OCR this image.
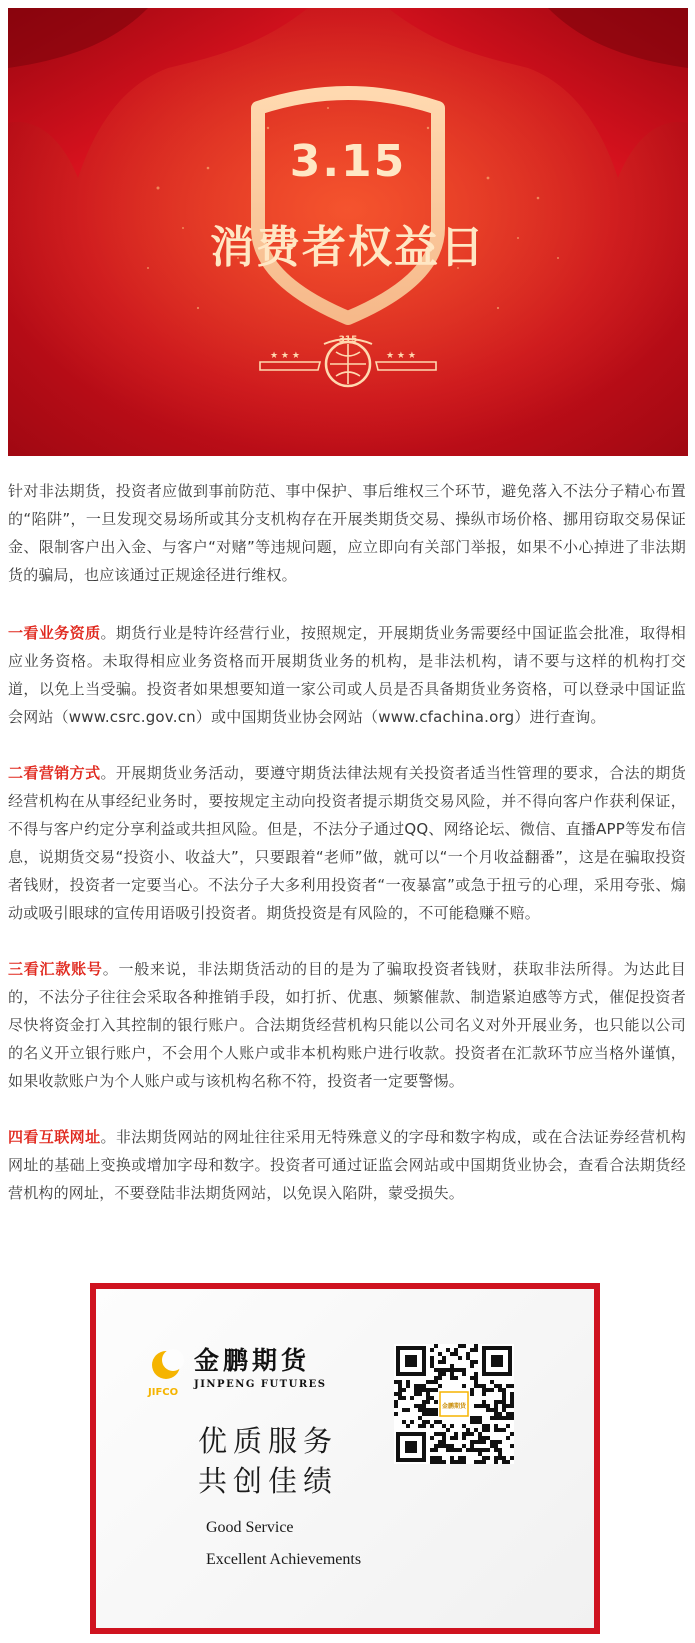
315
★ ★ ★	★ ★ ★
3.15
消费者权益日

针对非法期货，投资者应做到事前防范、事中保护、事后维权三个环节，避免落入不法分子精心布置的“陷阱”，一旦发现交易场所或其分支机构存在开展类期货交易、操纵市场价格、挪用窃取交易保证金、限制客户出入金、与客户“对赌”等违规问题，应立即向有关部门举报，如果不小心掉进了非法期货的骗局，也应该通过正规途径进行维权。

一看业务资质。期货行业是特许经营行业，按照规定，开展期货业务需要经中国证监会批准，取得相应业务资格。未取得相应业务资格而开展期货业务的机构，是非法机构，请不要与这样的机构打交道，以免上当受骗。投资者如果想要知道一家公司或人员是否具备期货业务资格，可以登录中国证监会网站（www.csrc.gov.cn）或中国期货业协会网站（www.cfachina.org）进行查询。

二看营销方式。开展期货业务活动，要遵守期货法律法规有关投资者适当性管理的要求，合法的期货经营机构在从事经纪业务时，要按规定主动向投资者提示期货交易风险，并不得向客户作获利保证，不得与客户约定分享利益或共担风险。但是，不法分子通过QQ、网络论坛、微信、直播APP等发布信息，说期货交易“投资小、收益大”，只要跟着“老师”做，就可以“一个月收益翻番”，这是在骗取投资者钱财，投资者一定要当心。不法分子大多利用投资者“一夜暴富”或急于扭亏的心理，采用夸张、煽动或吸引眼球的宣传用语吸引投资者。期货投资是有风险的，不可能稳赚不赔。

三看汇款账号。一般来说，非法期货活动的目的是为了骗取投资者钱财，获取非法所得。为达此目的，不法分子往往会采取各种推销手段，如打折、优惠、频繁催款、制造紧迫感等方式，催促投资者尽快将资金打入其控制的银行账户。合法期货经营机构只能以公司名义对外开展业务，也只能以公司的名义开立银行账户，不会用个人账户或非本机构账户进行收款。投资者在汇款环节应当格外谨慎，如果收款账户为个人账户或与该机构名称不符，投资者一定要警惕。

四看互联网址。非法期货网站的网址往往采用无特殊意义的字母和数字构成，或在合法证券经营机构网址的基础上变换或增加字母和数字。投资者可通过证监会网站或中国期货业协会，查看合法期货经营机构的网址，不要登陆非法期货网站，以免误入陷阱，蒙受损失。

JIFCO
金鹏期货
JINPENG FUTURES
优质服务
共创佳绩
Good Service
Excellent Achievements
金鹏期货
